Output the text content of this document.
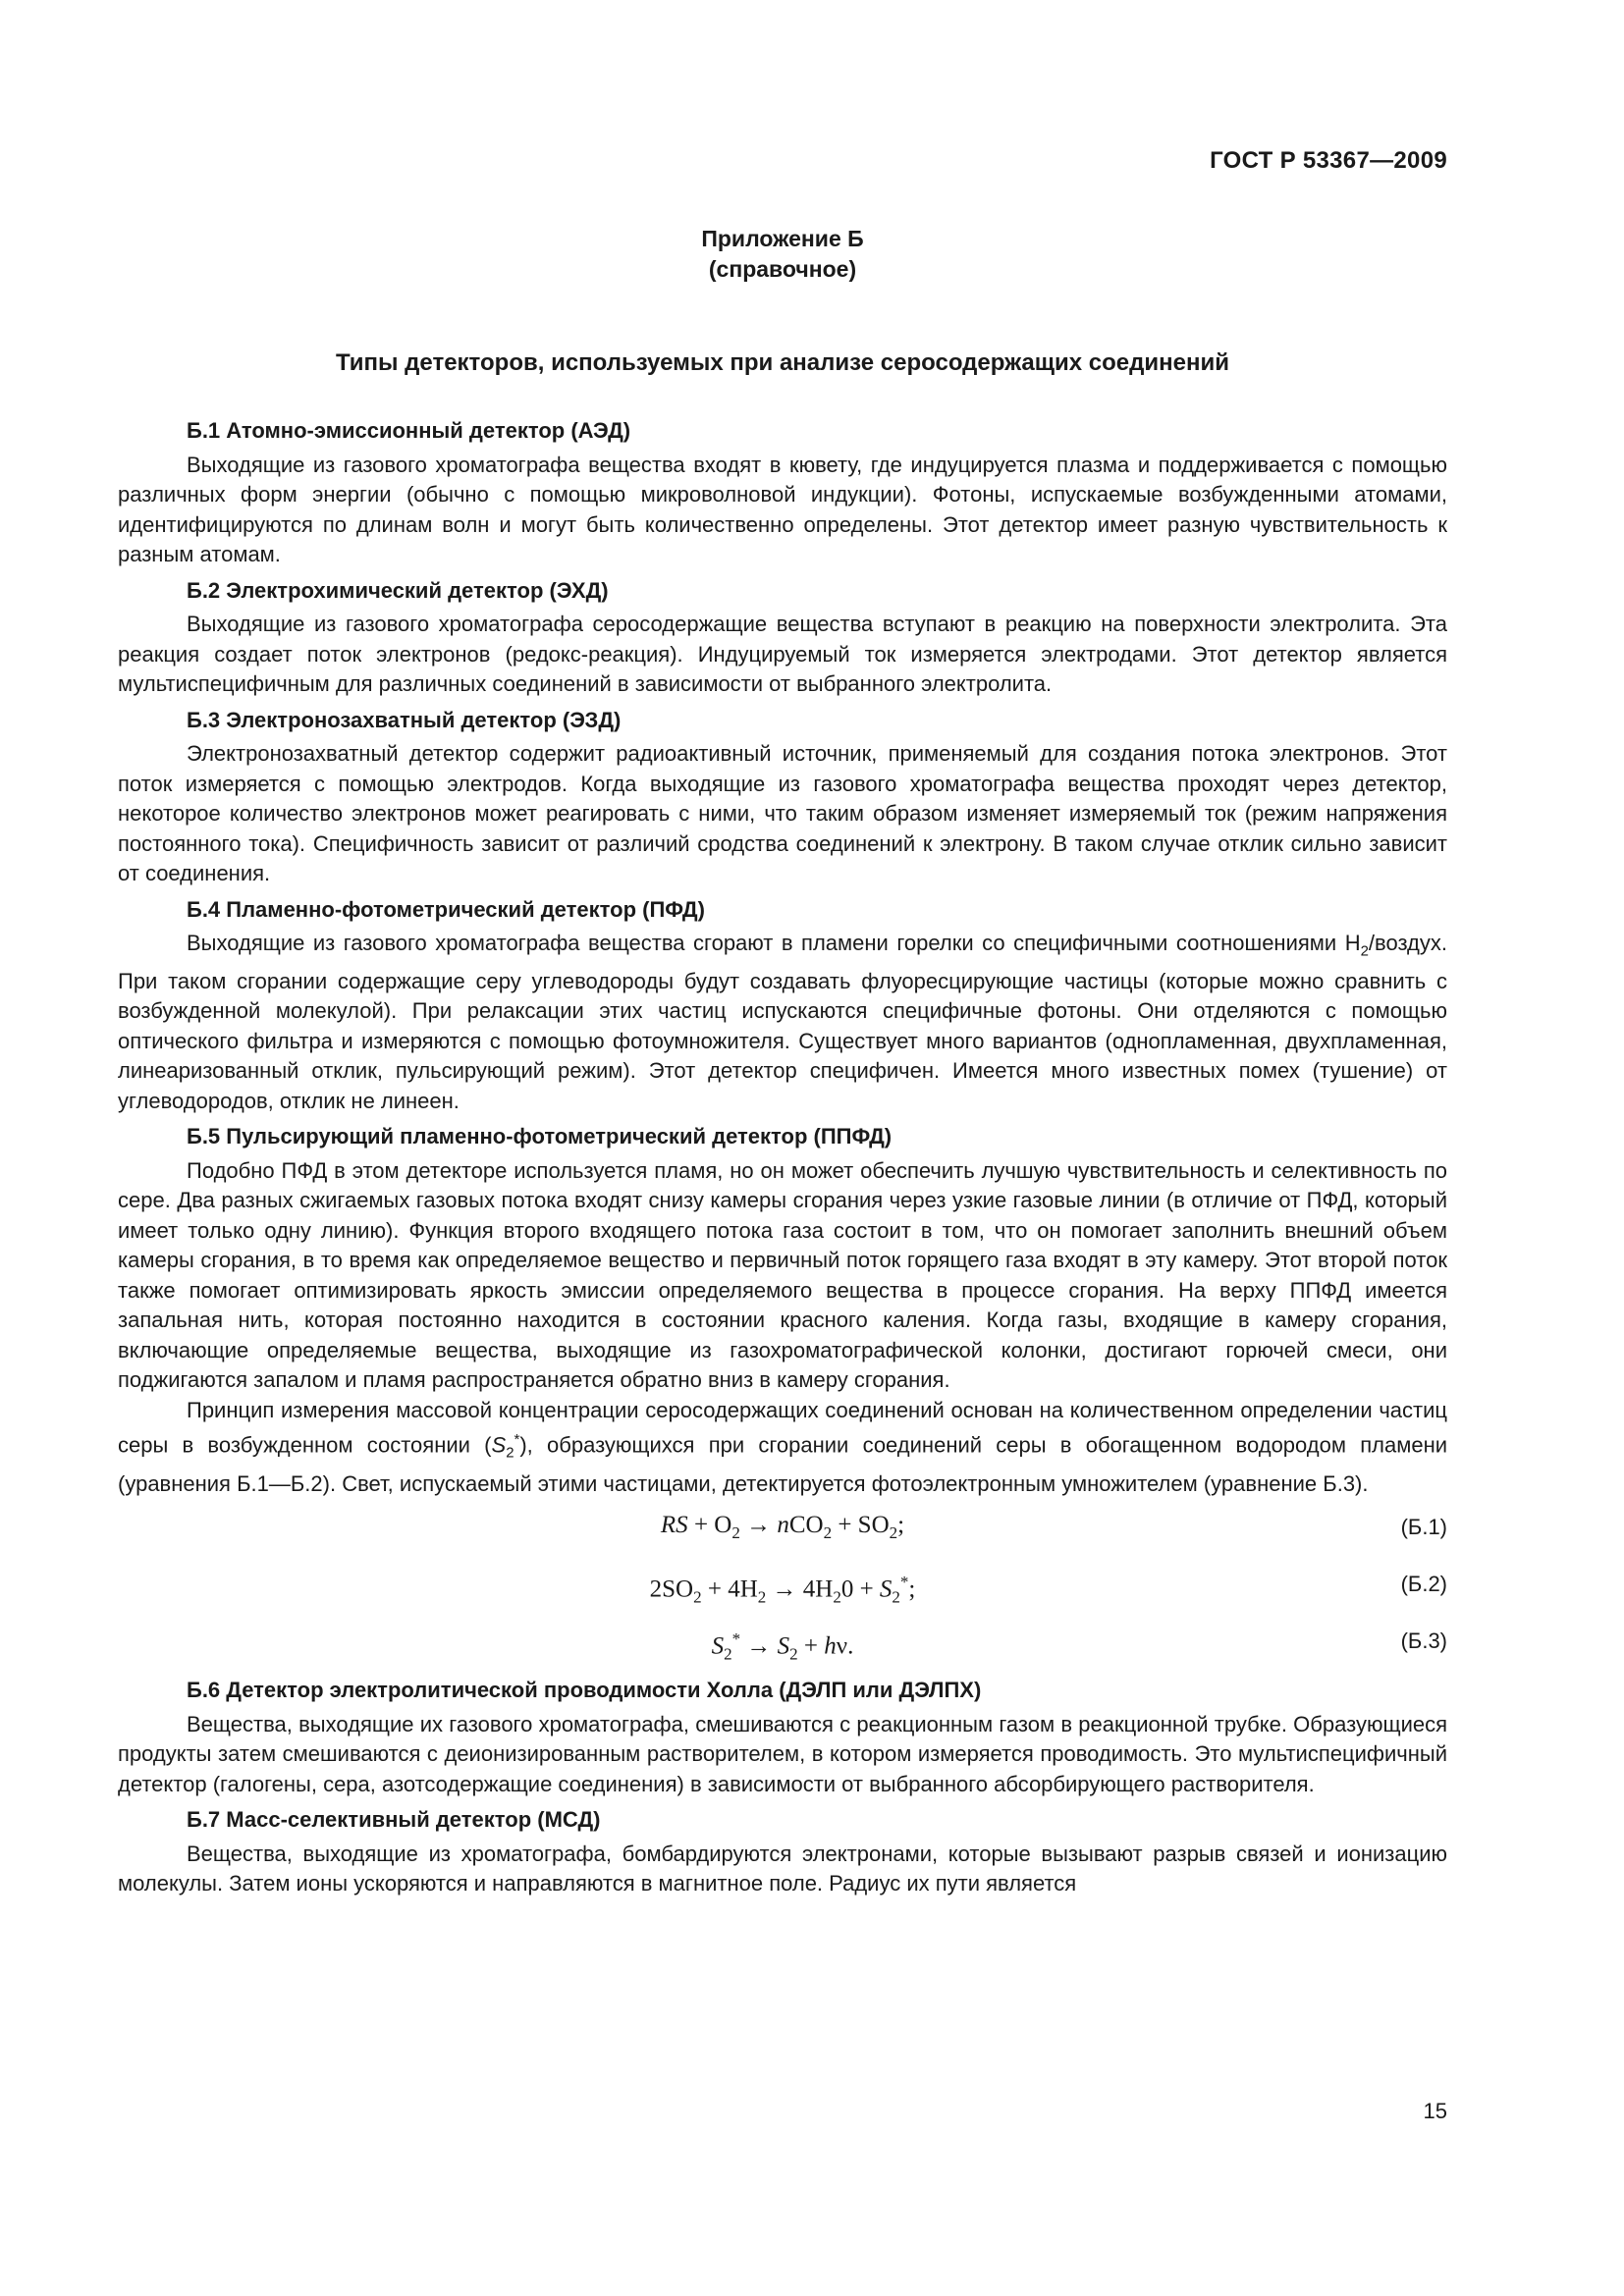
ГОСТ Р 53367—2009
Приложение Б
(справочное)
Типы детекторов, используемых при анализе серосодержащих соединений
Б.1 Атомно-эмиссионный детектор (АЭД)

Выходящие из газового хроматографа вещества входят в кювету, где индуцируется плазма и поддерживается с помощью различных форм энергии (обычно с помощью микроволновой индукции). Фотоны, испускаемые возбужденными атомами, идентифицируются по длинам волн и могут быть количественно определены. Этот детектор имеет разную чувствительность к разным атомам.

Б.2 Электрохимический детектор (ЭХД)

Выходящие из газового хроматографа серосодержащие вещества вступают в реакцию на поверхности электролита. Эта реакция создает поток электронов (редокс-реакция). Индуцируемый ток измеряется электродами. Этот детектор является мультиспецифичным для различных соединений в зависимости от выбранного электролита.

Б.3 Электронозахватный детектор (ЭЗД)

Электронозахватный детектор содержит радиоактивный источник, применяемый для создания потока электронов. Этот поток измеряется с помощью электродов. Когда выходящие из газового хроматографа вещества проходят через детектор, некоторое количество электронов может реагировать с ними, что таким образом изменяет измеряемый ток (режим напряжения постоянного тока). Специфичность зависит от различий сродства соединений к электрону. В таком случае отклик сильно зависит от соединения.

Б.4 Пламенно-фотометрический детектор (ПФД)

Выходящие из газового хроматографа вещества сгорают в пламени горелки со специфичными соотношениями $H_2$/воздух. При таком сгорании содержащие серу углеводороды будут создавать флуоресцирующие частицы (которые можно сравнить с возбужденной молекулой). При релаксации этих частиц испускаются специфичные фотоны. Они отделяются с помощью оптического фильтра и измеряются с помощью фотоумножителя. Существует много вариантов (однопламенная, двухпламенная, линеаризованный отклик, пульсирующий режим). Этот детектор специфичен. Имеется много известных помех (тушение) от углеводородов, отклик не линеен.

Б.5 Пульсирующий пламенно-фотометрический детектор (ППФД)

Подобно ПФД в этом детекторе используется пламя, но он может обеспечить лучшую чувствительность и селективность по сере. Два разных сжигаемых газовых потока входят снизу камеры сгорания через узкие газовые линии (в отличие от ПФД, который имеет только одну линию). Функция второго входящего потока газа состоит в том, что он помогает заполнить внешний объем камеры сгорания, в то время как определяемое вещество и первичный поток горящего газа входят в эту камеру. Этот второй поток также помогает оптимизировать яркость эмиссии определяемого вещества в процессе сгорания. На верху ППФД имеется запальная нить, которая постоянно находится в состоянии красного каления. Когда газы, входящие в камеру сгорания, включающие определяемые вещества, выходящие из газохроматографической колонки, достигают горючей смеси, они поджигаются запалом и пламя распространяется обратно вниз в камеру сгорания.

Принцип измерения массовой концентрации серосодержащих соединений основан на количественном определении частиц серы в возбужденном состоянии $(S_2^*)$, образующихся при сгорании соединений серы в обогащенном водородом пламени (уравнения Б.1—Б.2). Свет, испускаемый этими частицами, детектируется фотоэлектронным умножителем (уравнение Б.3).

RS + $O_2 \to nCO_2 + SO_2$;	(Б.1)
$2SO_2 + 4H_2 \to 4H_20 + S_2^*$;	(Б.2)
$S_2^* \to S_2 + h\nu$.	(Б.3)
Б.6 Детектор электролитической проводимости Холла (ДЭЛП или ДЭЛПХ)

Вещества, выходящие их газового хроматографа, смешиваются с реакционным газом в реакционной трубке. Образующиеся продукты затем смешиваются с деионизированным растворителем, в котором измеряется проводимость. Это мультиспецифичный детектор (галогены, сера, азотсодержащие соединения) в зависимости от выбранного абсорбирующего растворителя.

Б.7 Масс-селективный детектор (МСД)

Вещества, выходящие из хроматографа, бомбардируются электронами, которые вызывают разрыв связей и ионизацию молекулы. Затем ионы ускоряются и направляются в магнитное поле. Радиус их пути является

15
